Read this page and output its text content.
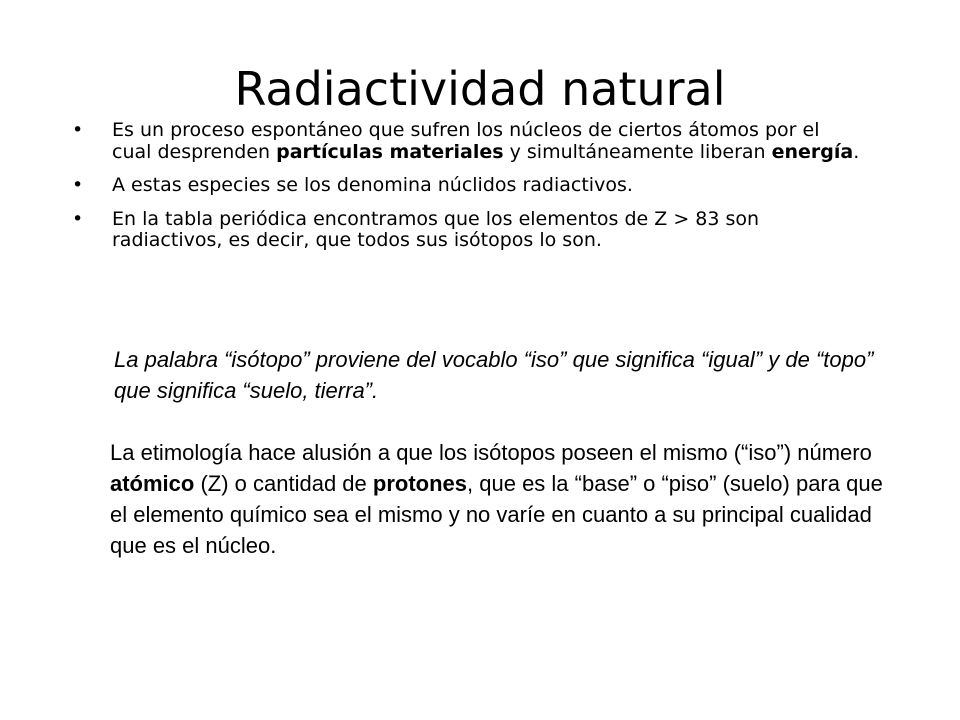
Radiactividad natural
• Es un proceso espontáneo que sufren los núcleos de ciertos átomos por el cual desprenden partículas materiales y simultáneamente liberan energía.
• A estas especies se los denomina núclidos radiactivos.
• En la tabla periódica encontramos que los elementos de Z > 83 son radiactivos, es decir, que todos sus isótopos lo son.

La palabra “isótopo” proviene del vocablo “iso” que significa “igual” y de “topo” que significa “suelo, tierra”.

La etimología hace alusión a que los isótopos poseen el mismo (“iso”) número atómico (Z) o cantidad de protones, que es la “base” o “piso” (suelo) para que el elemento químico sea el mismo y no varíe en cuanto a su principal cualidad que es el núcleo.
